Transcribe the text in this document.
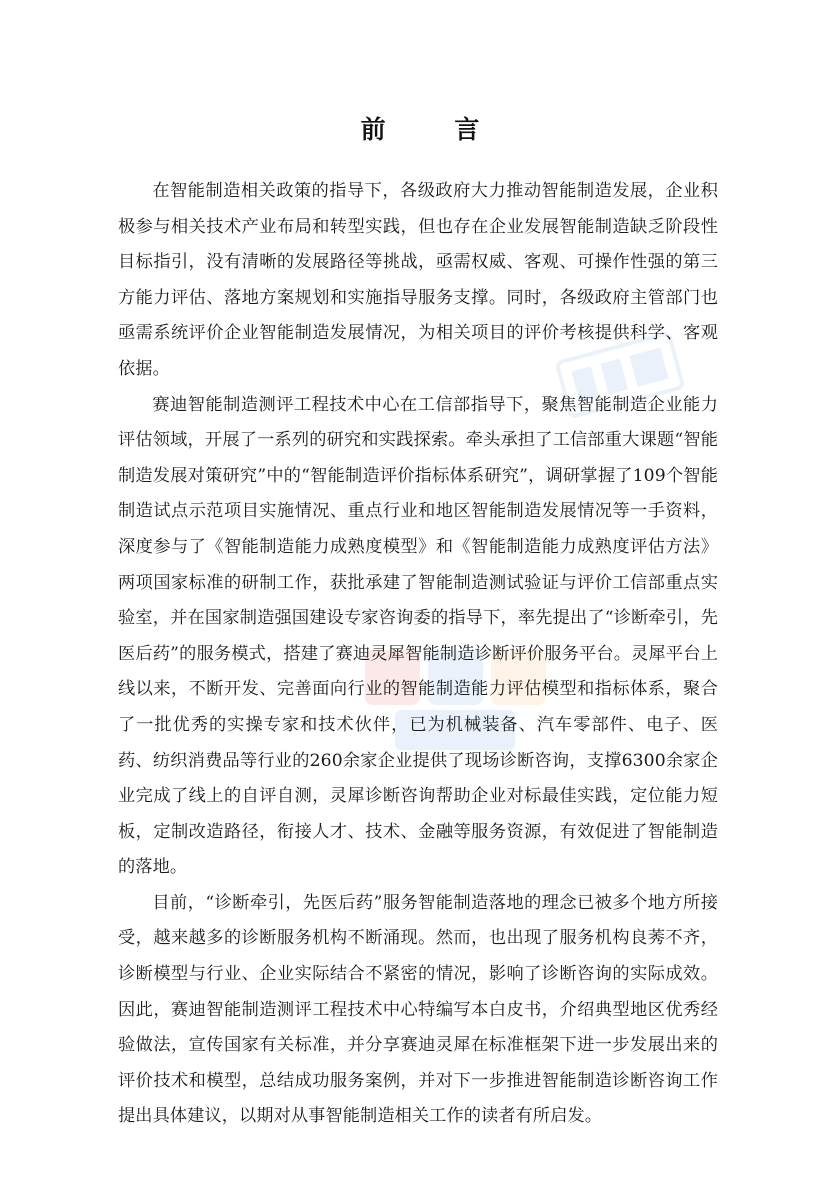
前 言

在智能制造相关政策的指导下，各级政府大力推动智能制造发展，企业积极参与相关技术产业布局和转型实践，但也存在企业发展智能制造缺乏阶段性目标指引，没有清晰的发展路径等挑战，亟需权威、客观、可操作性强的第三方能力评估、落地方案规划和实施指导服务支撑。同时，各级政府主管部门也亟需系统评价企业智能制造发展情况，为相关项目的评价考核提供科学、客观依据。

赛迪智能制造测评工程技术中心在工信部指导下，聚焦智能制造企业能力评估领域，开展了一系列的研究和实践探索。牵头承担了工信部重大课题“智能制造发展对策研究”中的“智能制造评价指标体系研究”，调研掌握了109个智能制造试点示范项目实施情况、重点行业和地区智能制造发展情况等一手资料，深度参与了《智能制造能力成熟度模型》和《智能制造能力成熟度评估方法》两项国家标准的研制工作，获批承建了智能制造测试验证与评价工信部重点实验室，并在国家制造强国建设专家咨询委的指导下，率先提出了“诊断牵引，先医后药”的服务模式，搭建了赛迪灵犀智能制造诊断评价服务平台。灵犀平台上线以来，不断开发、完善面向行业的智能制造能力评估模型和指标体系，聚合了一批优秀的实操专家和技术伙伴，已为机械装备、汽车零部件、电子、医药、纺织消费品等行业的260余家企业提供了现场诊断咨询，支撑6300余家企业完成了线上的自评自测，灵犀诊断咨询帮助企业对标最佳实践，定位能力短板，定制改造路径，衔接人才、技术、金融等服务资源，有效促进了智能制造的落地。

目前，“诊断牵引，先医后药”服务智能制造落地的理念已被多个地方所接受，越来越多的诊断服务机构不断涌现。然而，也出现了服务机构良莠不齐，诊断模型与行业、企业实际结合不紧密的情况，影响了诊断咨询的实际成效。因此，赛迪智能制造测评工程技术中心特编写本白皮书，介绍典型地区优秀经验做法，宣传国家有关标准，并分享赛迪灵犀在标准框架下进一步发展出来的评价技术和模型，总结成功服务案例，并对下一步推进智能制造诊断咨询工作提出具体建议，以期对从事智能制造相关工作的读者有所启发。
